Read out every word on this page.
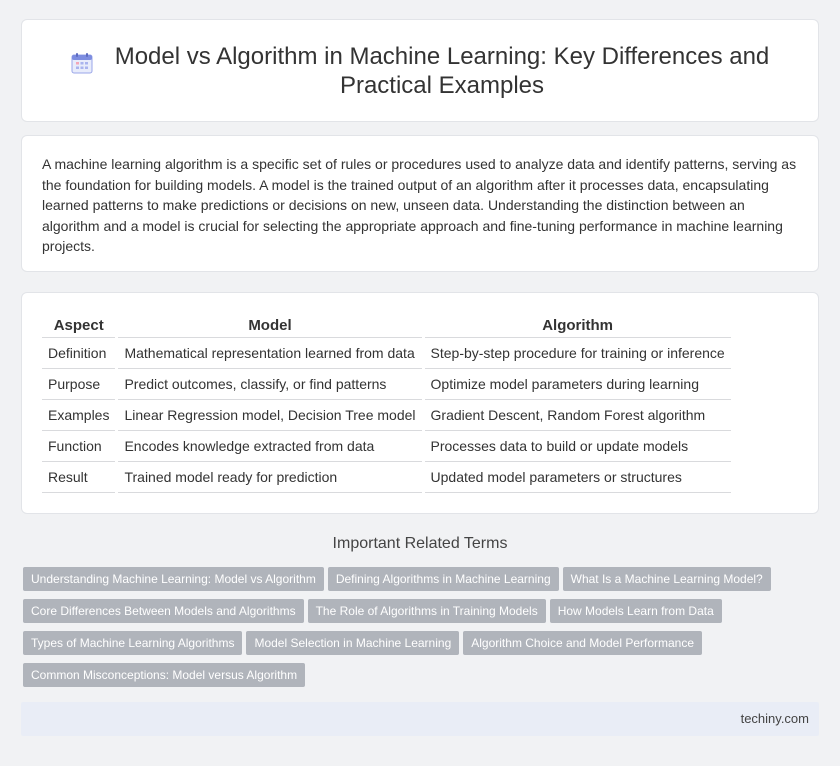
Model vs Algorithm in Machine Learning: Key Differences and
Practical Examples

A machine learning algorithm is a specific set of rules or procedures used to analyze data and identify patterns, serving as the foundation for building models. A model is the trained output of an algorithm after it processes data, encapsulating learned patterns to make predictions or decisions on new, unseen data. Understanding the distinction between an algorithm and a model is crucial for selecting the appropriate approach and fine-tuning performance in machine learning projects.

Aspect		Model		Algorithm
Definition		Mathematical representation learned from data		Step-by-step procedure for training or inference
Purpose		Predict outcomes, classify, or find patterns		Optimize model parameters during learning
Examples		Linear Regression model, Decision Tree model		Gradient Descent, Random Forest algorithm
Function		Encodes knowledge extracted from data		Processes data to build or update models
Result		Trained model ready for prediction		Updated model parameters or structures
Important Related Terms
Understanding Machine Learning: Model vs Algorithm Defining Algorithms in Machine Learning What Is a Machine Learning Model?
Core Differences Between Models and Algorithms The Role of Algorithms in Training Models How Models Learn from Data
Types of Machine Learning Algorithms Model Selection in Machine Learning Algorithm Choice and Model Performance
Common Misconceptions: Model versus Algorithm
techiny.com
